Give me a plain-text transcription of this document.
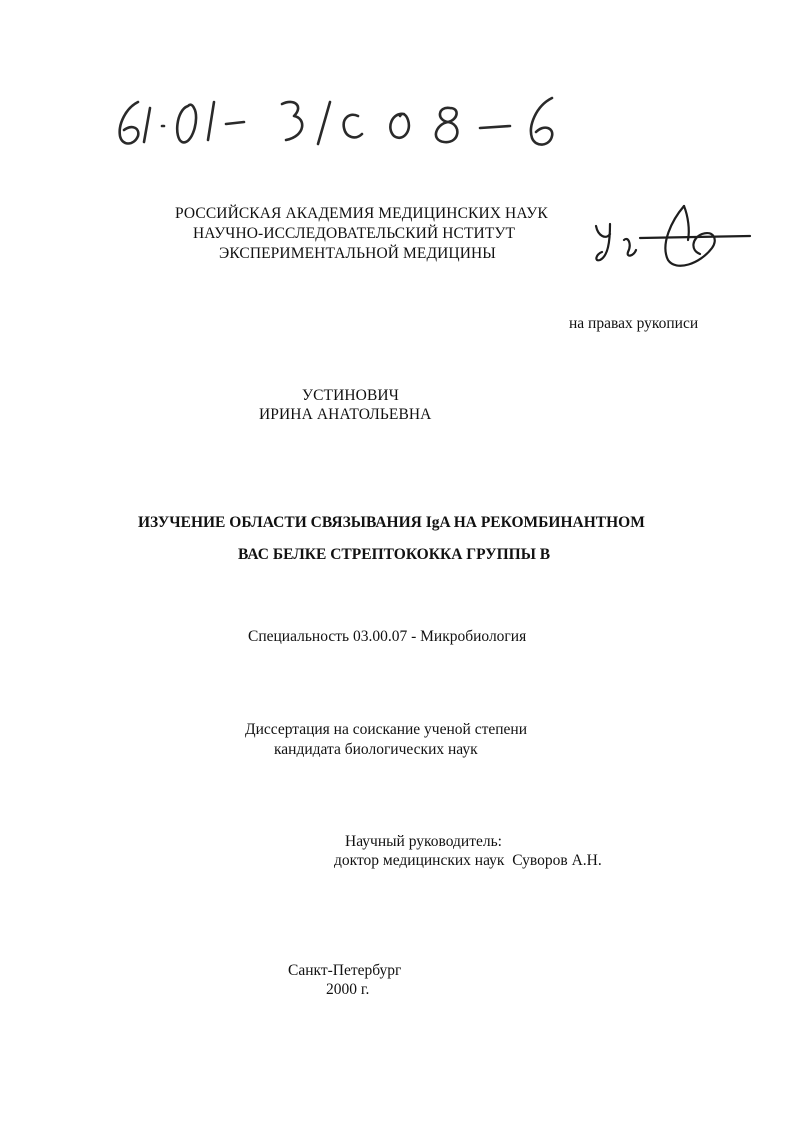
РОССИЙСКАЯ АКАДЕМИЯ МЕДИЦИНСКИХ НАУК
НАУЧНО-ИССЛЕДОВАТЕЛЬСКИЙ НСТИТУТ
ЭКСПЕРИМЕНТАЛЬНОЙ МЕДИЦИНЫ
на правах рукописи
УСТИНОВИЧ
ИРИНА АНАТОЛЬЕВНА
ИЗУЧЕНИЕ ОБЛАСТИ СВЯЗЫВАНИЯ IgA НА РЕКОМБИНАНТНОМ
ВАС БЕЛКЕ СТРЕПТОКОККА ГРУППЫ В
Специальность 03.00.07 - Микробиология
Диссертация на соискание ученой степени
кандидата биологических наук
Научный руководитель:
доктор медицинских наук  Суворов А.Н.
Санкт-Петербург
2000 г.
